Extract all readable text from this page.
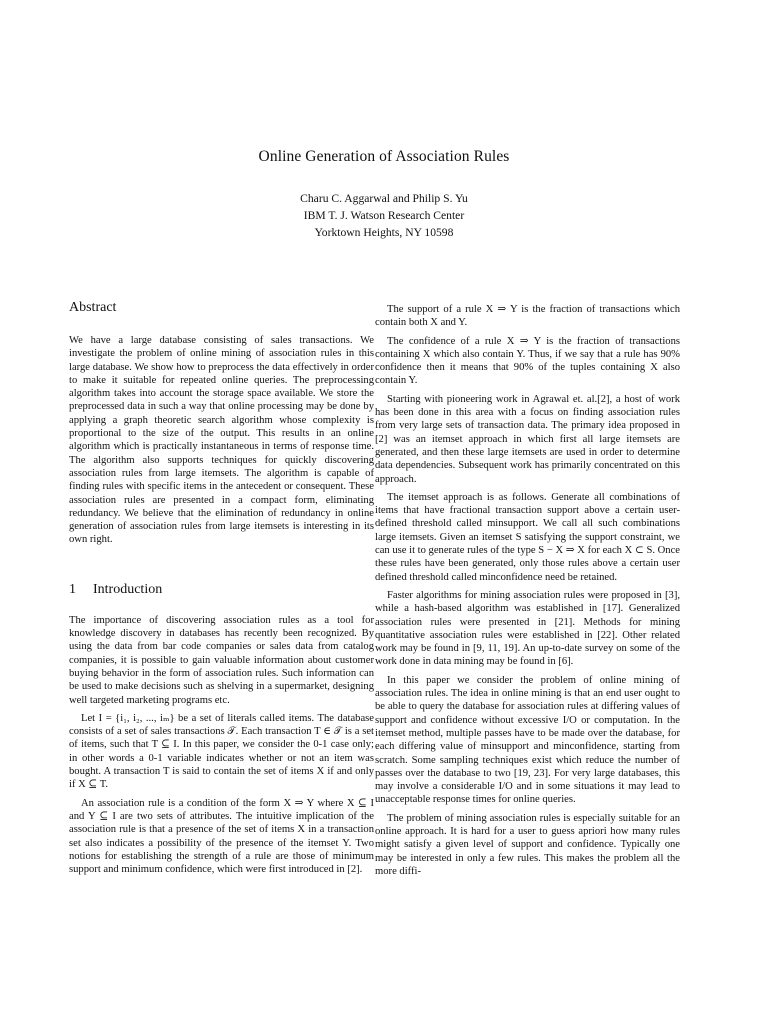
Online Generation of Association Rules
Charu C. Aggarwal and Philip S. Yu
IBM T. J. Watson Research Center
Yorktown Heights, NY 10598
Abstract

We have a large database consisting of sales transactions. We investigate the problem of online mining of association rules in this large database. We show how to preprocess the data effectively in order to make it suitable for repeated online queries. The preprocessing algorithm takes into account the storage space available. We store the preprocessed data in such a way that online processing may be done by applying a graph theoretic search algorithm whose complexity is proportional to the size of the output. This results in an online algorithm which is practically instantaneous in terms of response time. The algorithm also supports techniques for quickly discovering association rules from large itemsets. The algorithm is capable of finding rules with specific items in the antecedent or consequent. These association rules are presented in a compact form, eliminating redundancy. We believe that the elimination of redundancy in online generation of association rules from large itemsets is interesting in its own right.

1 Introduction

The importance of discovering association rules as a tool for knowledge discovery in databases has recently been recognized. By using the data from bar code companies or sales data from catalog companies, it is possible to gain valuable information about customer buying behavior in the form of association rules. Such information can be used to make decisions such as shelving in a supermarket, designing well targeted marketing programs etc.

Let I = {i₁, i₂, ..., iₘ} be a set of literals called items. The database consists of a set of sales transactions 𝒯. Each transaction T ∈ 𝒯 is a set of items, such that T ⊆ I. In this paper, we consider the 0-1 case only; in other words a 0-1 variable indicates whether or not an item was bought. A transaction T is said to contain the set of items X if and only if X ⊆ T.

An association rule is a condition of the form X ⇒ Y where X ⊆ I and Y ⊆ I are two sets of attributes. The intuitive implication of the association rule is that a presence of the set of items X in a transaction set also indicates a possibility of the presence of the itemset Y. Two notions for establishing the strength of a rule are those of minimum support and minimum confidence, which were first introduced in [2].

The support of a rule X ⇒ Y is the fraction of transactions which contain both X and Y.

The confidence of a rule X ⇒ Y is the fraction of transactions containing X which also contain Y. Thus, if we say that a rule has 90% confidence then it means that 90% of the tuples containing X also contain Y.

Starting with pioneering work in Agrawal et. al.[2], a host of work has been done in this area with a focus on finding association rules from very large sets of transaction data. The primary idea proposed in [2] was an itemset approach in which first all large itemsets are generated, and then these large itemsets are used in order to determine data dependencies. Subsequent work has primarily concentrated on this approach.

The itemset approach is as follows. Generate all combinations of items that have fractional transaction support above a certain user-defined threshold called minsupport. We call all such combinations large itemsets. Given an itemset S satisfying the support constraint, we can use it to generate rules of the type S − X ⇒ X for each X ⊂ S. Once these rules have been generated, only those rules above a certain user defined threshold called minconfidence need be retained.

Faster algorithms for mining association rules were proposed in [3], while a hash-based algorithm was established in [17]. Generalized association rules were presented in [21]. Methods for mining quantitative association rules were established in [22]. Other related work may be found in [9, 11, 19]. An up-to-date survey on some of the work done in data mining may be found in [6].

In this paper we consider the problem of online mining of association rules. The idea in online mining is that an end user ought to be able to query the database for association rules at differing values of support and confidence without excessive I/O or computation. In the itemset method, multiple passes have to be made over the database, for each differing value of minsupport and minconfidence, starting from scratch. Some sampling techniques exist which reduce the number of passes over the database to two [19, 23]. For very large databases, this may involve a considerable I/O and in some situations it may lead to unacceptable response times for online queries.

The problem of mining association rules is especially suitable for an online approach. It is hard for a user to guess apriori how many rules might satisfy a given level of support and confidence. Typically one may be interested in only a few rules. This makes the problem all the more diffi-
